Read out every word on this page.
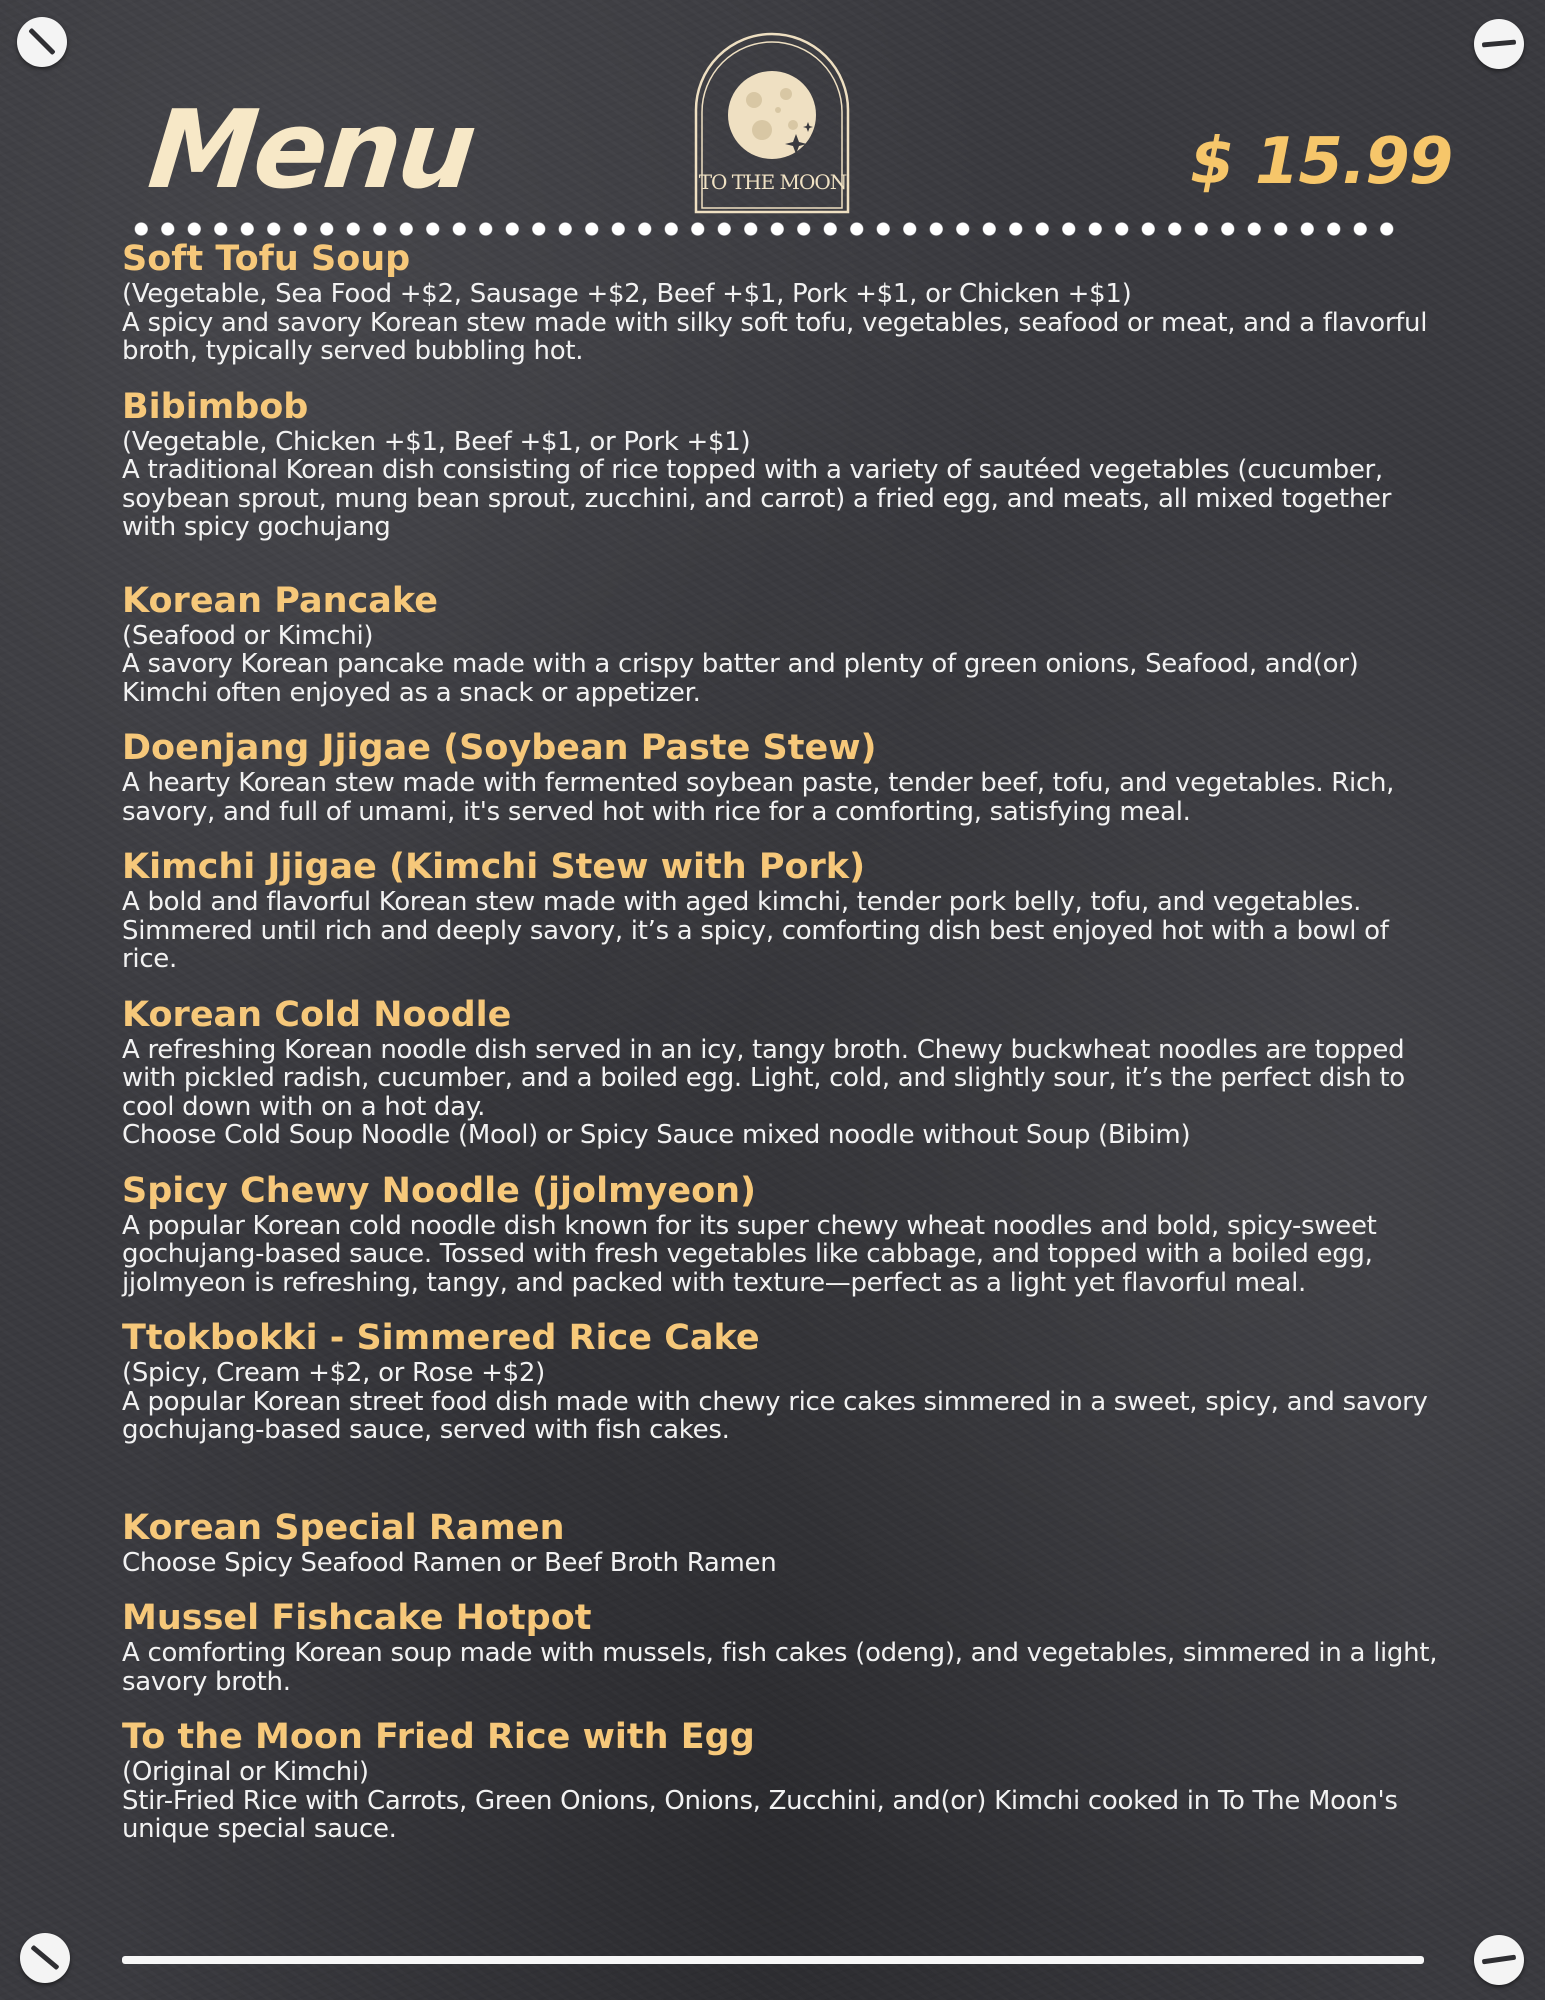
Menu	TO THE MOON	$ 15.99
Soft Tofu Soup

(Vegetable, Sea Food +$2, Sausage +$2, Beef +$1, Pork +$1, or Chicken +$1)

A spicy and savory Korean stew made with silky soft tofu, vegetables, seafood or meat, and a flavorful

broth, typically served bubbling hot.

Bibimbob

(Vegetable, Chicken +$1, Beef +$1, or Pork +$1)

A traditional Korean dish consisting of rice topped with a variety of sautéed vegetables (cucumber,

soybean sprout, mung bean sprout, zucchini, and carrot) a fried egg, and meats, all mixed together

with spicy gochujang

Korean Pancake

(Seafood or Kimchi)

A savory Korean pancake made with a crispy batter and plenty of green onions, Seafood, and(or)

Kimchi often enjoyed as a snack or appetizer.

Doenjang Jjigae (Soybean Paste Stew)

A hearty Korean stew made with fermented soybean paste, tender beef, tofu, and vegetables. Rich,

savory, and full of umami, it's served hot with rice for a comforting, satisfying meal.

Kimchi Jjigae (Kimchi Stew with Pork)

A bold and flavorful Korean stew made with aged kimchi, tender pork belly, tofu, and vegetables.

Simmered until rich and deeply savory, it’s a spicy, comforting dish best enjoyed hot with a bowl of

rice.

Korean Cold Noodle

A refreshing Korean noodle dish served in an icy, tangy broth. Chewy buckwheat noodles are topped

with pickled radish, cucumber, and a boiled egg. Light, cold, and slightly sour, it’s the perfect dish to

cool down with on a hot day.

Choose Cold Soup Noodle (Mool) or Spicy Sauce mixed noodle without Soup (Bibim)

Spicy Chewy Noodle (jjolmyeon)

A popular Korean cold noodle dish known for its super chewy wheat noodles and bold, spicy-sweet

gochujang-based sauce. Tossed with fresh vegetables like cabbage, and topped with a boiled egg,

jjolmyeon is refreshing, tangy, and packed with texture—perfect as a light yet flavorful meal.

Ttokbokki - Simmered Rice Cake

(Spicy, Cream +$2, or Rose +$2)

A popular Korean street food dish made with chewy rice cakes simmered in a sweet, spicy, and savory

gochujang-based sauce, served with fish cakes.

Korean Special Ramen

Choose Spicy Seafood Ramen or Beef Broth Ramen

Mussel Fishcake Hotpot

A comforting Korean soup made with mussels, fish cakes (odeng), and vegetables, simmered in a light,

savory broth.

To the Moon Fried Rice with Egg

(Original or Kimchi)

Stir-Fried Rice with Carrots, Green Onions, Onions, Zucchini, and(or) Kimchi cooked in To The Moon's

unique special sauce.
